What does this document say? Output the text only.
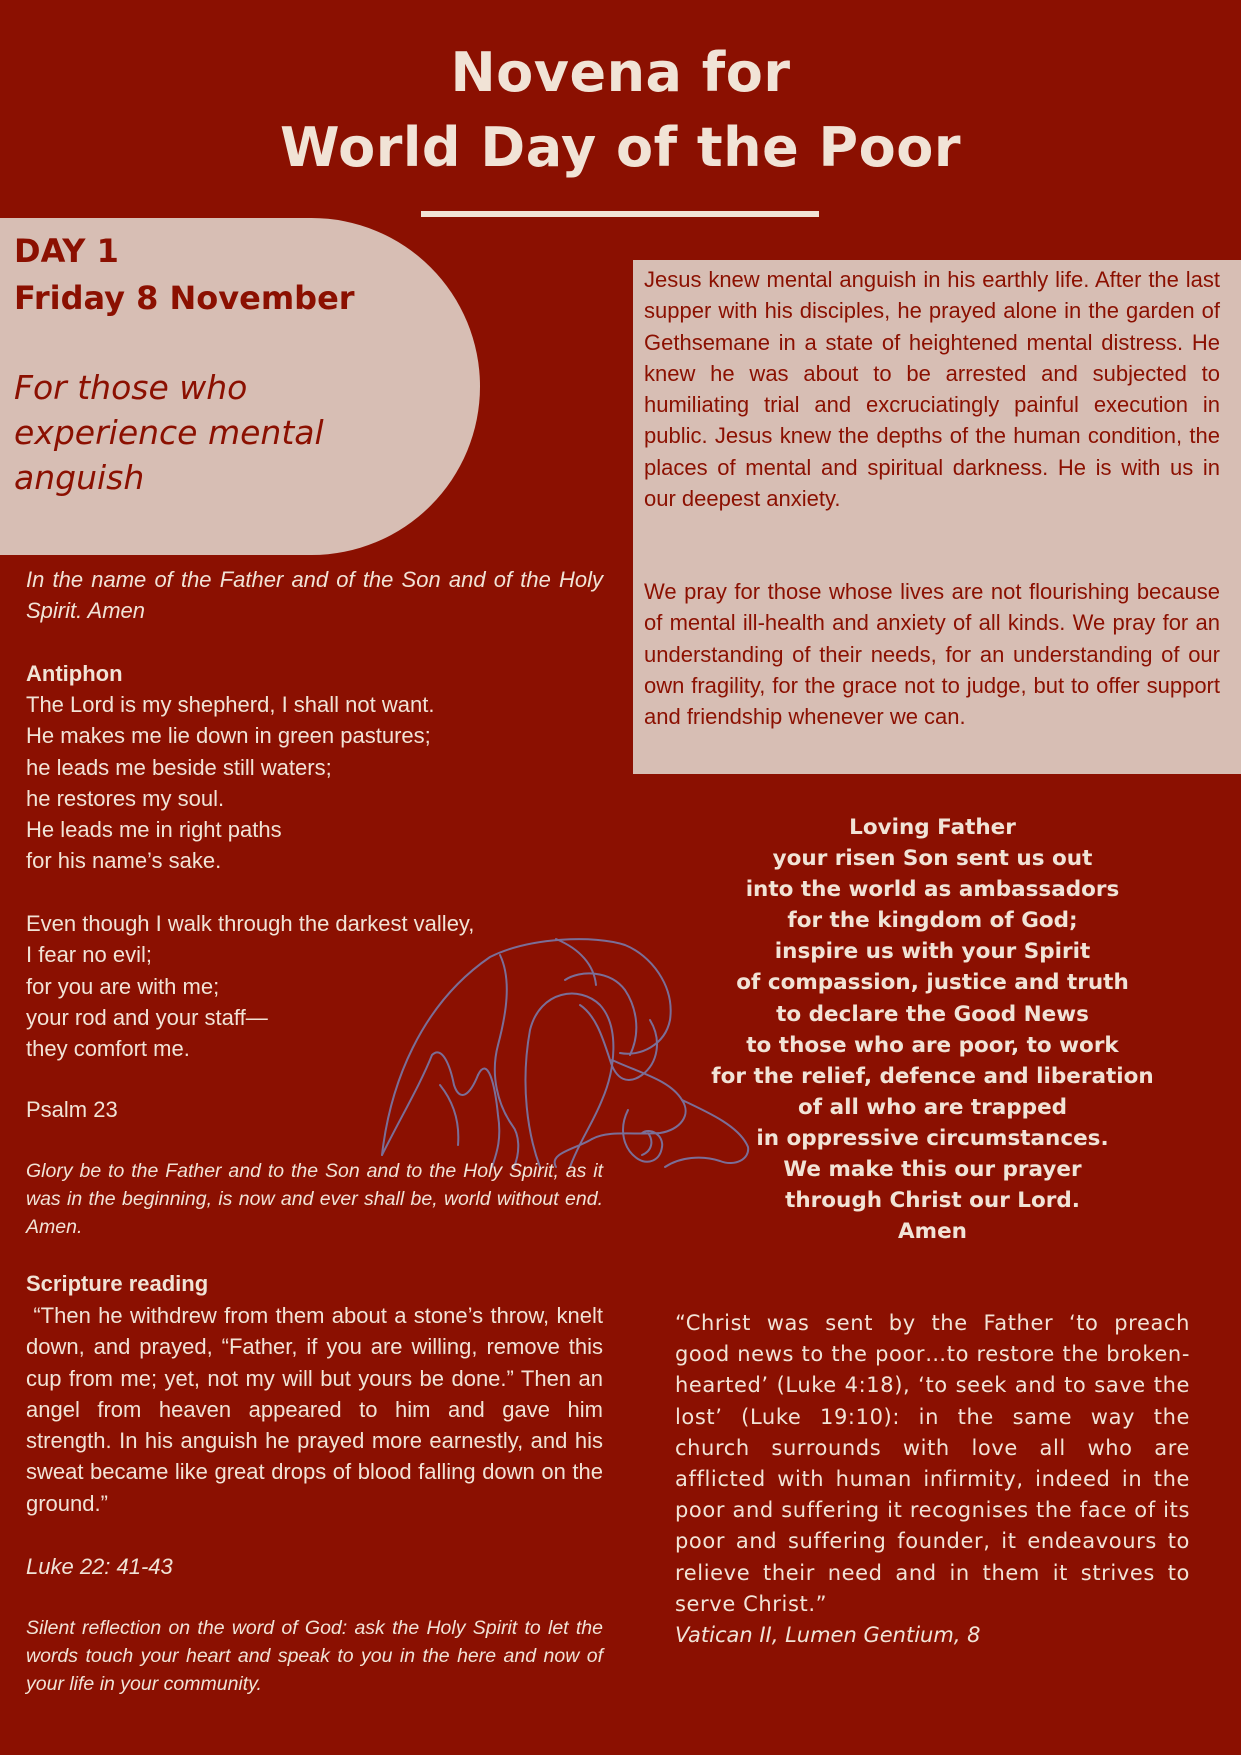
Novena for
World Day of the Poor
DAY 1
Friday 8 November
For those who experience mental anguish

Jesus knew mental anguish in his earthly life. After the last supper with his disciples, he prayed alone in the garden of Gethsemane in a state of heightened mental distress. He knew he was about to be arrested and subjected to humiliating trial and excruciatingly painful execution in public. Jesus knew the depths of the human condition, the places of mental and spiritual darkness. He is with us in our deepest anxiety.

We pray for those whose lives are not flourishing because of mental ill-health and anxiety of all kinds. We pray for an understanding of their needs, for an understanding of our own fragility, for the grace not to judge, but to offer support and friendship whenever we can.

In the name of the Father and of the Son and of the Holy Spirit. Amen

Antiphon
The Lord is my shepherd, I shall not want.
He makes me lie down in green pastures;
he leads me beside still waters;
he restores my soul.
He leads me in right paths
for his name’s sake.
Even though I walk through the darkest valley,
I fear no evil;
for you are with me;
your rod and your staff—
they comfort me.
Psalm 23

Glory be to the Father and to the Son and to the Holy Spirit, as it was in the beginning, is now and ever shall be, world without end. Amen.

Scripture reading

“Then he withdrew from them about a stone’s throw, knelt down, and prayed, “Father, if you are willing, remove this cup from me; yet, not my will but yours be done.” Then an angel from heaven appeared to him and gave him strength. In his anguish he prayed more earnestly, and his sweat became like great drops of blood falling down on the ground.”

Luke 22: 41-43

Silent reflection on the word of God: ask the Holy Spirit to let the words touch your heart and speak to you in the here and now of your life in your community.

Loving Father
your risen Son sent us out
into the world as ambassadors
for the kingdom of God;
inspire us with your Spirit
of compassion, justice and truth
to declare the Good News
to those who are poor, to work
for the relief, defence and liberation
of all who are trapped
in oppressive circumstances.
We make this our prayer
through Christ our Lord.
Amen

“Christ was sent by the Father ‘to preach good news to the poor…to restore the broken-hearted’ (Luke 4:18), ‘to seek and to save the lost’ (Luke 19:10): in the same way the church surrounds with love all who are afflicted with human infirmity, indeed in the poor and suffering it recognises the face of its poor and suffering founder, it endeavours to relieve their need and in them it strives to serve Christ.”

Vatican II, Lumen Gentium, 8
